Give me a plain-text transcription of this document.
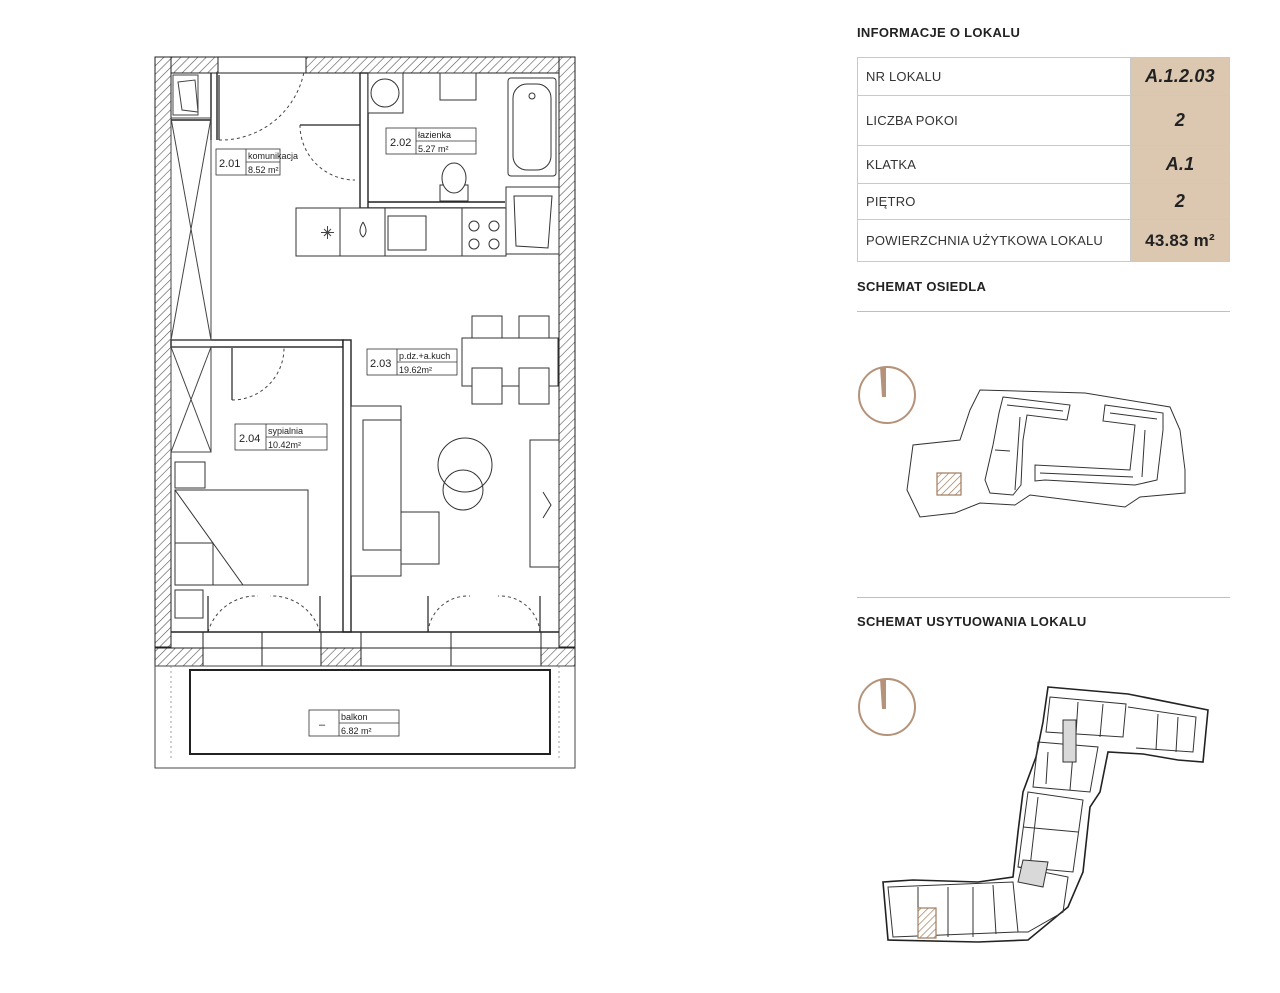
2.01
komunikacja
8.52 m²
2.02
łazienka
5.27 m²
2.03
p.dz.+a.kuch
19.62m²
2.04
sypialnia
10.42m²
–
balkon
6.82 m²
INFORMACJE O LOKALU
NR LOKALU	A.1.2.03
LICZBA POKOI	2
KLATKA	A.1
PIĘTRO	2
POWIERZCHNIA UŻYTKOWA LOKALU	43.83 m²
SCHEMAT OSIEDLA
SCHEMAT USYTUOWANIA LOKALU
